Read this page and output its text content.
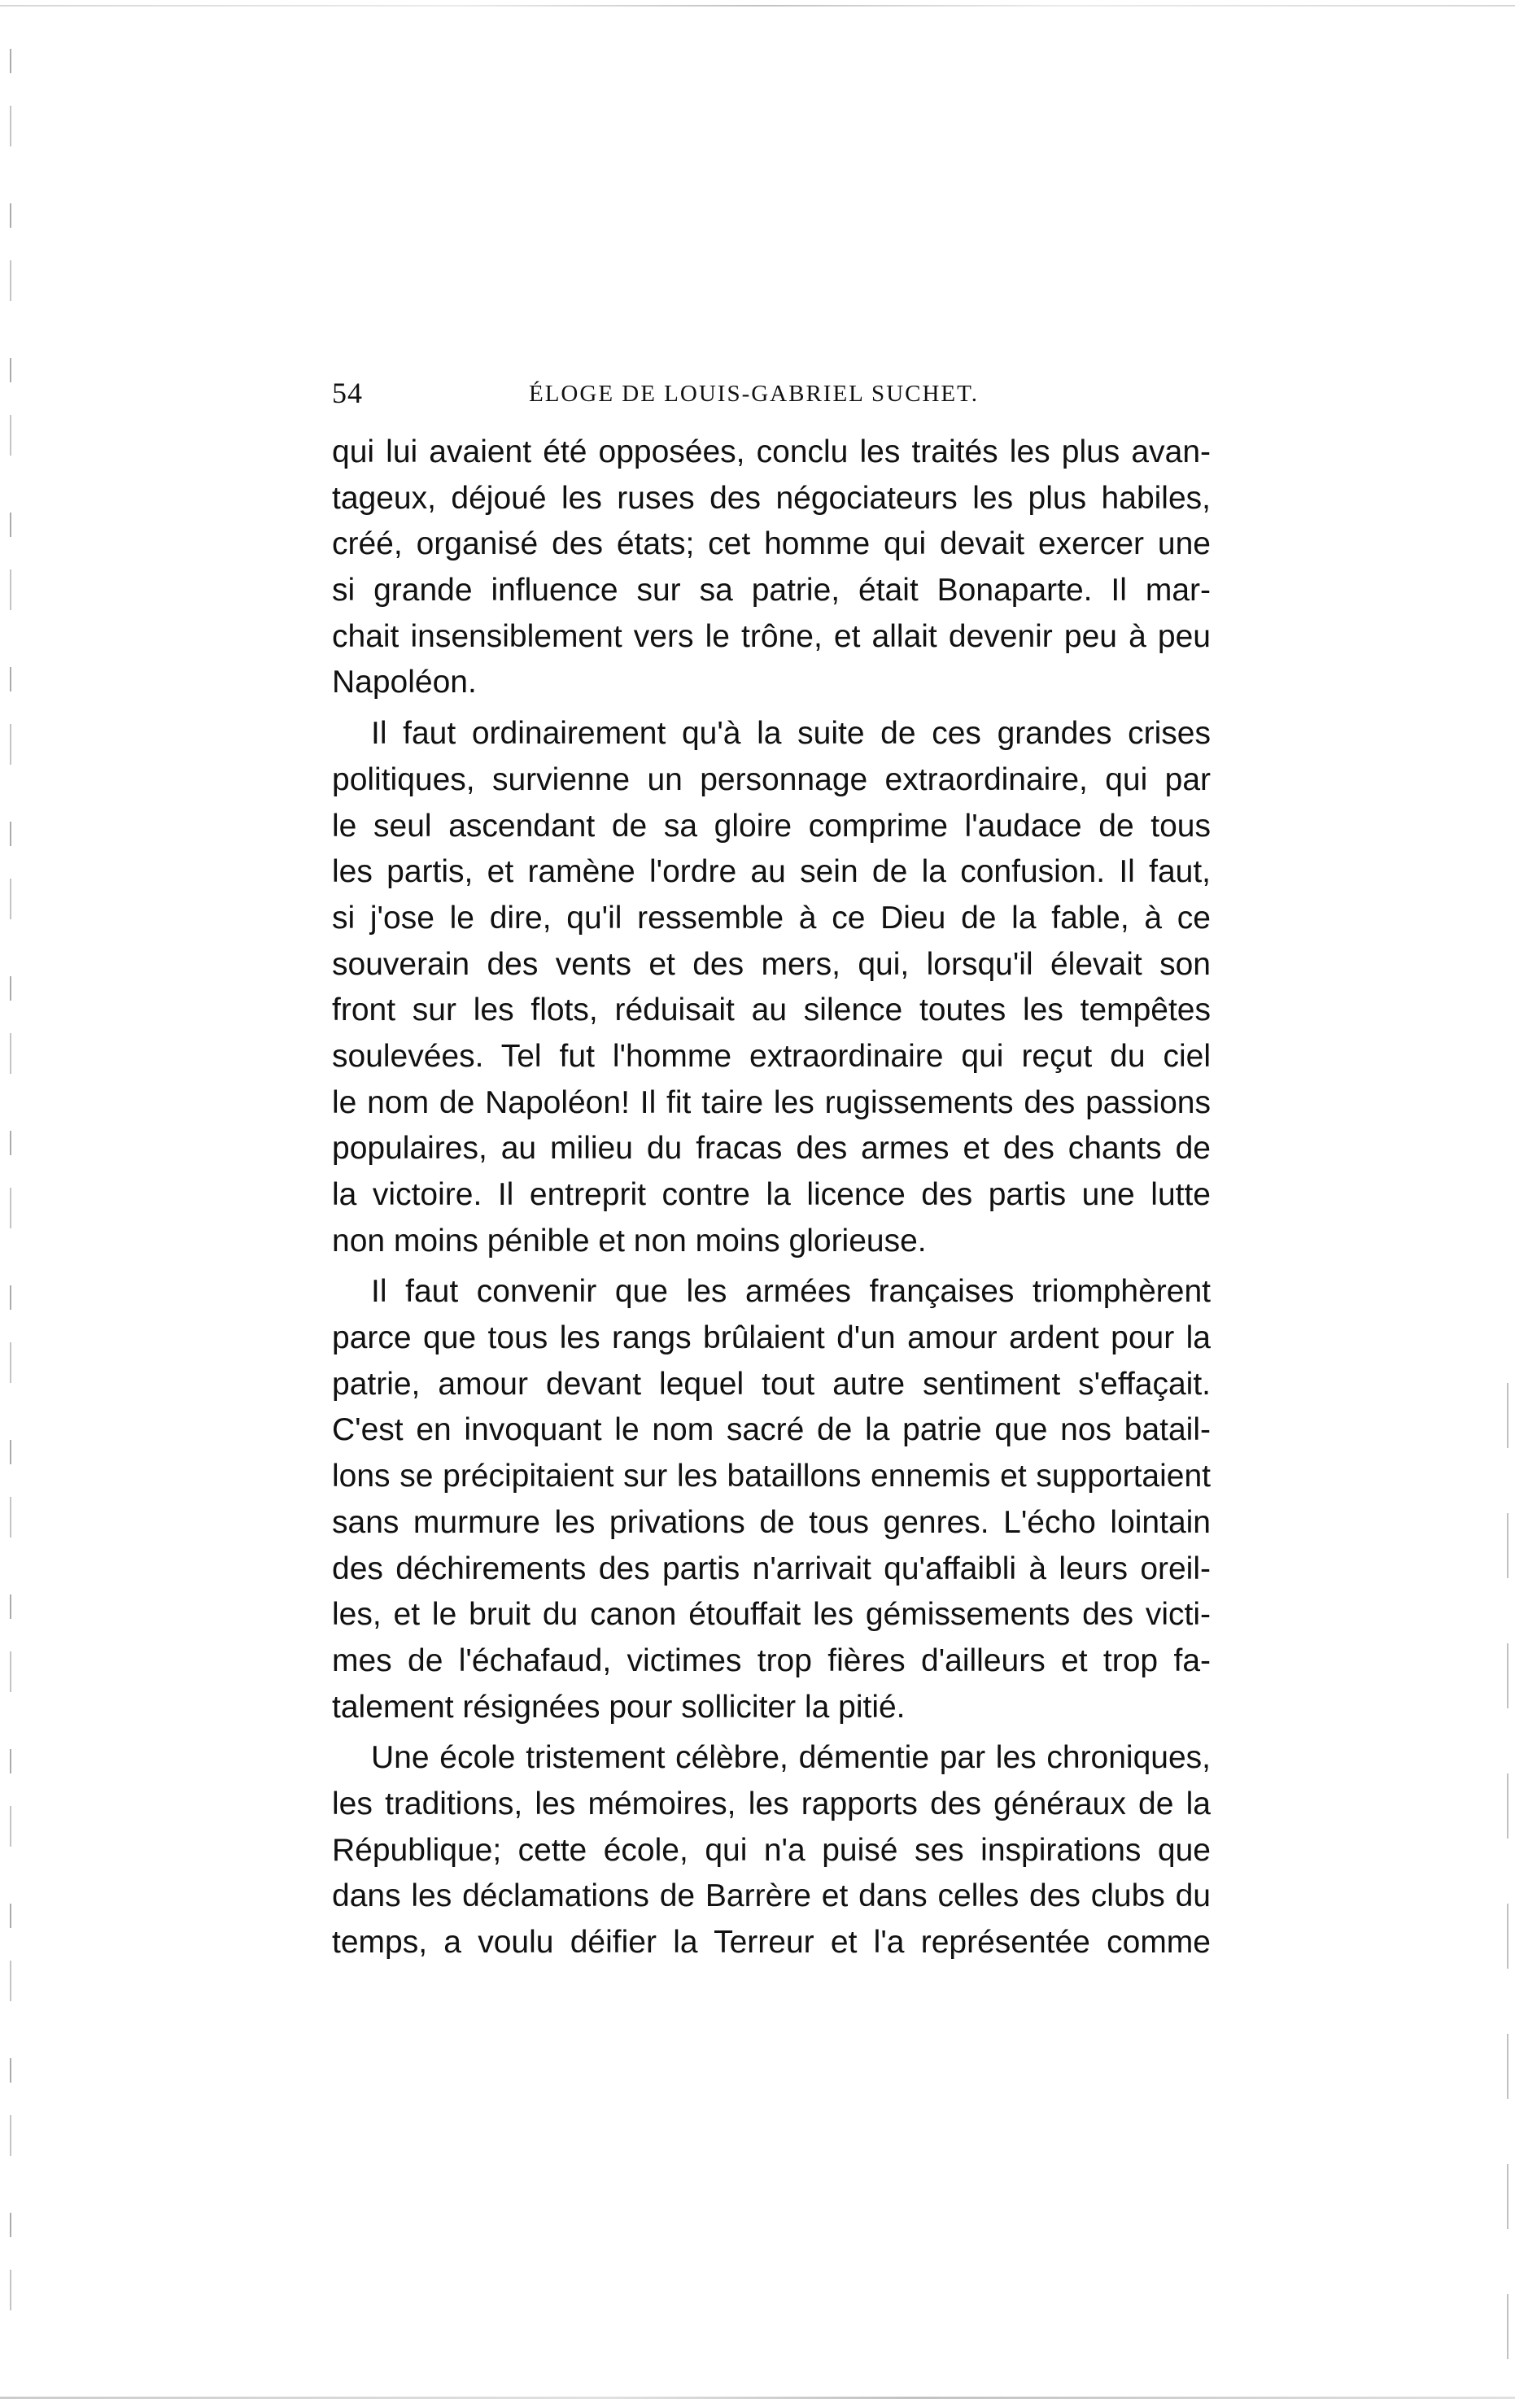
54	ÉLOGE DE LOUIS-GABRIEL SUCHET.
qui lui avaient été opposées, conclu les traités les plus avan-
tageux, déjoué les ruses des négociateurs les plus habiles,
créé, organisé des états; cet homme qui devait exercer une
si grande influence sur sa patrie, était Bonaparte. Il mar-
chait insensiblement vers le trône, et allait devenir peu à peu
Napoléon.
Il faut ordinairement qu'à la suite de ces grandes crises
politiques, survienne un personnage extraordinaire, qui par
le seul ascendant de sa gloire comprime l'audace de tous
les partis, et ramène l'ordre au sein de la confusion. Il faut,
si j'ose le dire, qu'il ressemble à ce Dieu de la fable, à ce
souverain des vents et des mers, qui, lorsqu'il élevait son
front sur les flots, réduisait au silence toutes les tempêtes
soulevées. Tel fut l'homme extraordinaire qui reçut du ciel
le nom de Napoléon! Il fit taire les rugissements des passions
populaires, au milieu du fracas des armes et des chants de
la victoire. Il entreprit contre la licence des partis une lutte
non moins pénible et non moins glorieuse.
Il faut convenir que les armées françaises triomphèrent
parce que tous les rangs brûlaient d'un amour ardent pour la
patrie, amour devant lequel tout autre sentiment s'effaçait.
C'est en invoquant le nom sacré de la patrie que nos batail-
lons se précipitaient sur les bataillons ennemis et supportaient
sans murmure les privations de tous genres. L'écho lointain
des déchirements des partis n'arrivait qu'affaibli à leurs oreil-
les, et le bruit du canon étouffait les gémissements des victi-
mes de l'échafaud, victimes trop fières d'ailleurs et trop fa-
talement résignées pour solliciter la pitié.
Une école tristement célèbre, démentie par les chroniques,
les traditions, les mémoires, les rapports des généraux de la
République; cette école, qui n'a puisé ses inspirations que
dans les déclamations de Barrère et dans celles des clubs du
temps, a voulu déifier la Terreur et l'a représentée comme
